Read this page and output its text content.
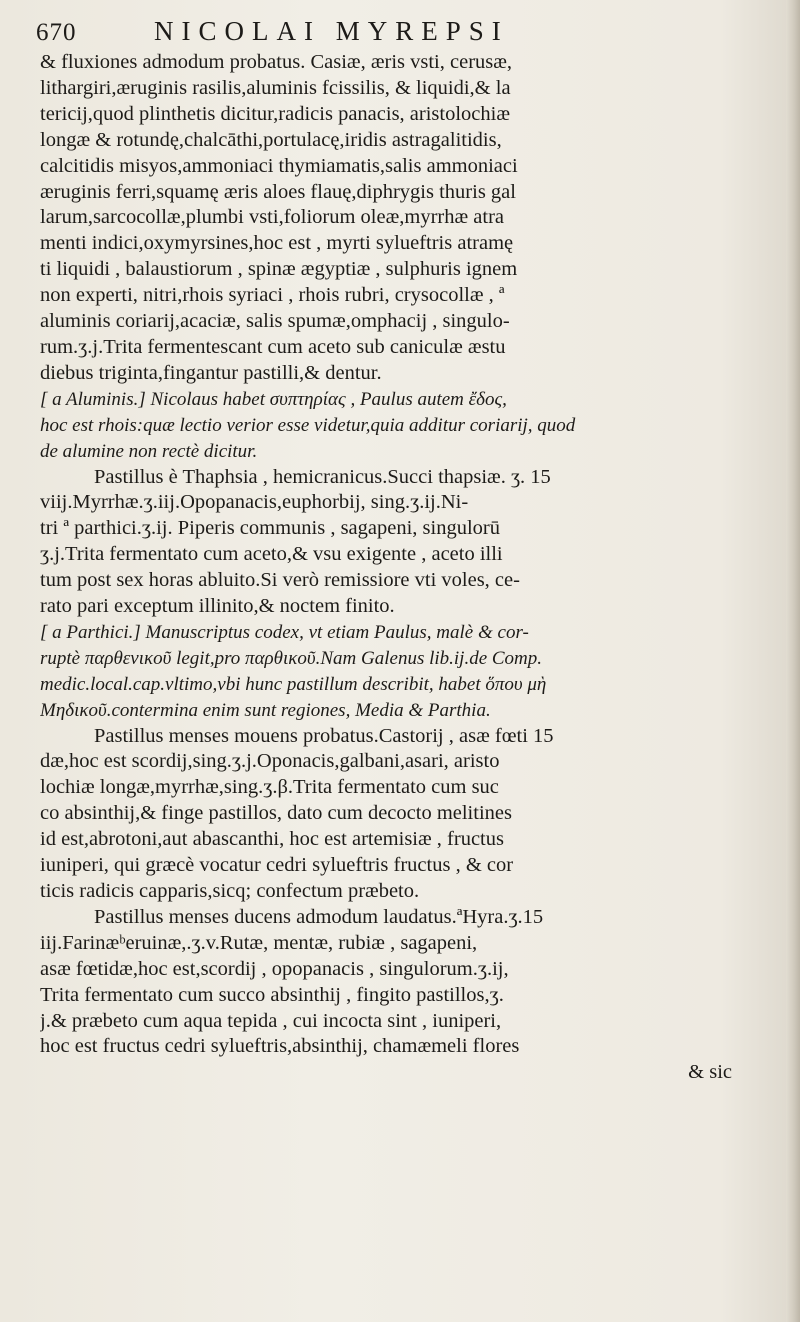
670	NICOLAI MYREPSI
& fluxiones admodum probatus. Casiæ, æris vsti, cerusæ,
lithargiri,æruginis rasilis,aluminis fcissilis, & liquidi,& la
tericij,quod plinthetis dicitur,radicis panacis, aristolochiæ
longæ & rotundę,chalcāthi,portulacę,iridis astragalitidis,
calcitidis misyos,ammoniaci thymiamatis,salis ammoniaci
æruginis ferri,squamę æris aloes flauę,diphrygis thuris gal
larum,sarcocollæ,plumbi vsti,foliorum oleæ,myrrhæ atra
menti indici,oxymyrsines,hoc est , myrti sylueftris atramę
ti liquidi , balaustiorum , spinæ ægyptiæ , sulphuris ignem
non experti, nitri,rhois syriaci , rhois rubri, crysocollæ , ª
aluminis coriarij,acaciæ, salis spumæ,omphacij , singulo-
rum.ʒ.j.Trita fermentescant cum aceto sub caniculæ æstu
diebus triginta,fingantur pastilli,& dentur.
[ a Aluminis.] Nicolaus habet συπτηρίας , Paulus autem ἔδος,
hoc est rhois:quæ lectio verior esse videtur,quia additur coriarij, quod
de alumine non rectè dicitur.
Pastillus è Thaphsia , hemicranicus.Succi thapsiæ. ʒ. 15
viij.Myrrhæ.ʒ.iij.Opopanacis,euphorbij, sing.ʒ.ij.Ni-
tri ª parthici.ʒ.ij. Piperis communis , sagapeni, singulorū
ʒ.j.Trita fermentato cum aceto,& vsu exigente , aceto illi
tum post sex horas abluito.Si verò remissiore vti voles, ce-
rato pari exceptum illinito,& noctem finito.
[ a Parthici.] Manuscriptus codex, vt etiam Paulus, malè & cor-
ruptè παρθενικοῦ legit,pro παρθικοῦ.Nam Galenus lib.ij.de Comp.
medic.local.cap.vltimo,vbi hunc pastillum describit, habet ὅπου μὴ
Μηδικοῦ.contermina enim sunt regiones, Media & Parthia.
Pastillus menses mouens probatus.Castorij , asæ fœti 15
dæ,hoc est scordij,sing.ʒ.j.Oponacis,galbani,asari, aristo
lochiæ longæ,myrrhæ,sing.ʒ.β.Trita fermentato cum suc
co absinthij,& finge pastillos, dato cum decocto melitines
id est,abrotoni,aut abascanthi, hoc est artemisiæ , fructus
iuniperi, qui græcè vocatur cedri sylueftris fructus , & cor
ticis radicis capparis,sicq; confectum præbeto.
Pastillus menses ducens admodum laudatus.ªHyra.ʒ.15
iij.Farinæᵇeruinæ,.ʒ.v.Rutæ, mentæ, rubiæ , sagapeni,
asæ fœtidæ,hoc est,scordij , opopanacis , singulorum.ʒ.ij,
Trita fermentato cum succo absinthij , fingito pastillos,ʒ.
j.& præbeto cum aqua tepida , cui incocta sint , iuniperi,
hoc est fructus cedri sylueftris,absinthij, chamæmeli flores
& sic
